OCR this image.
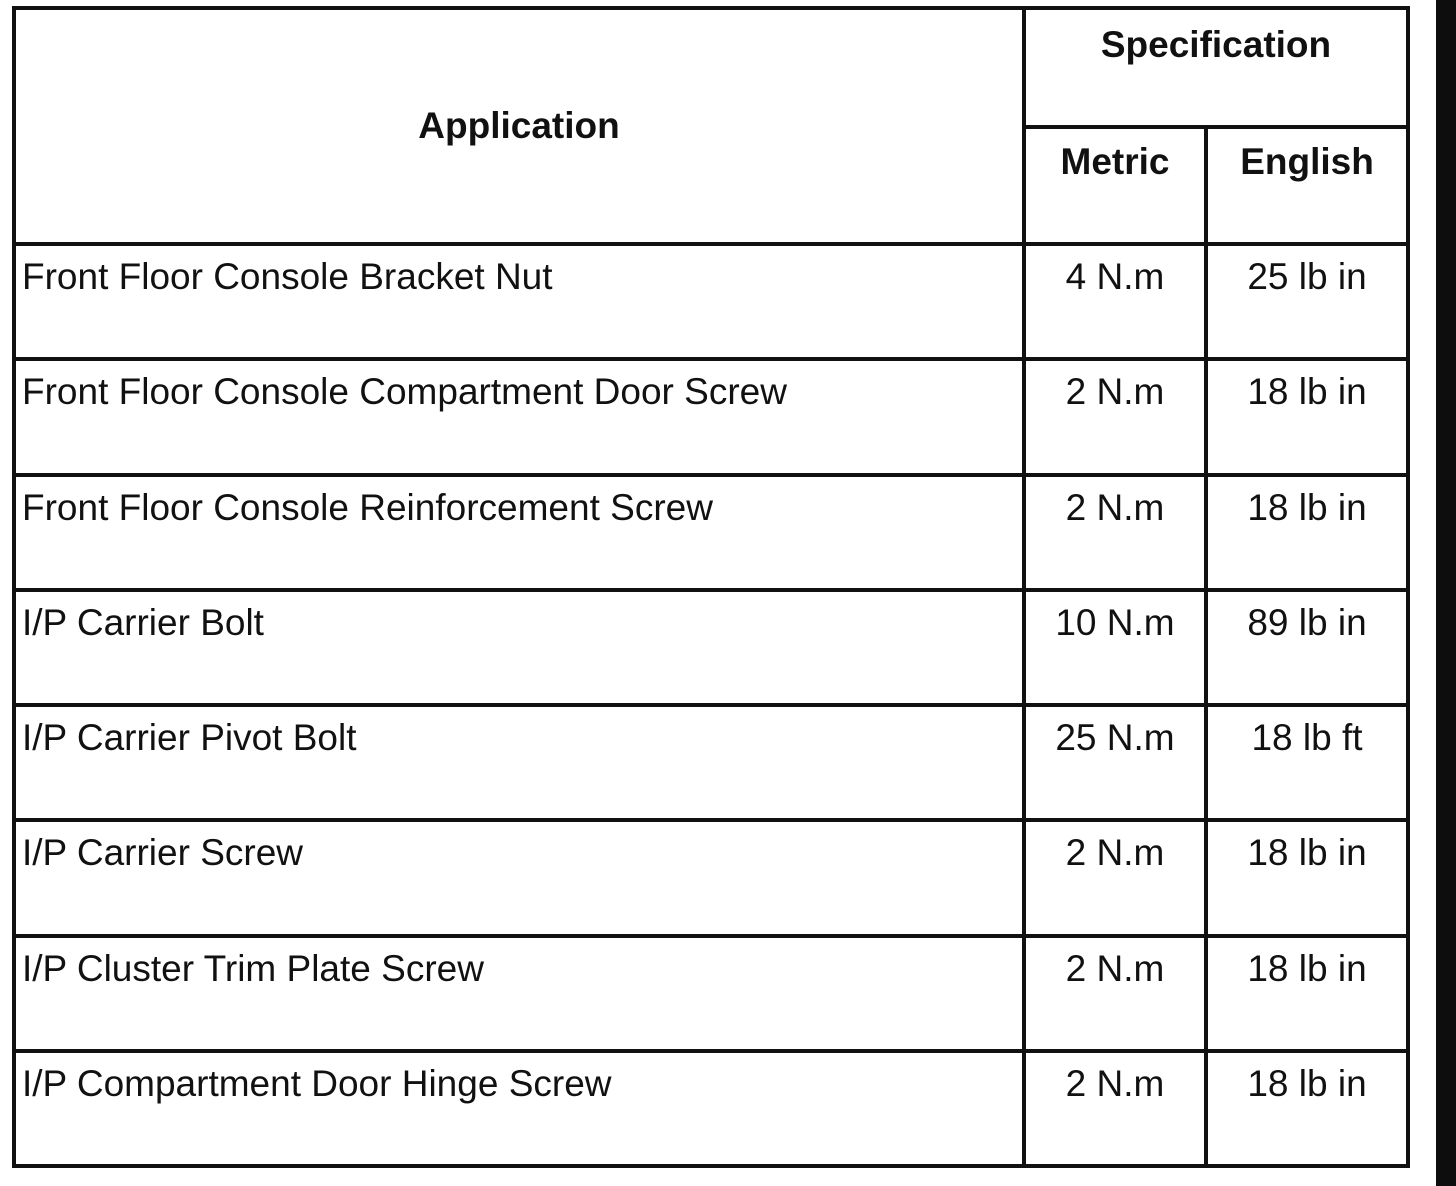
Application	Specification	
	Metric	English
Front Floor Console Bracket Nut	4 N.m	25 lb in
Front Floor Console Compartment Door Screw	2 N.m	18 lb in
Front Floor Console Reinforcement Screw	2 N.m	18 lb in
I/P Carrier Bolt	10 N.m	89 lb in
I/P Carrier Pivot Bolt	25 N.m	18 lb ft
I/P Carrier Screw	2 N.m	18 lb in
I/P Cluster Trim Plate Screw	2 N.m	18 lb in
I/P Compartment Door Hinge Screw	2 N.m	18 lb in
